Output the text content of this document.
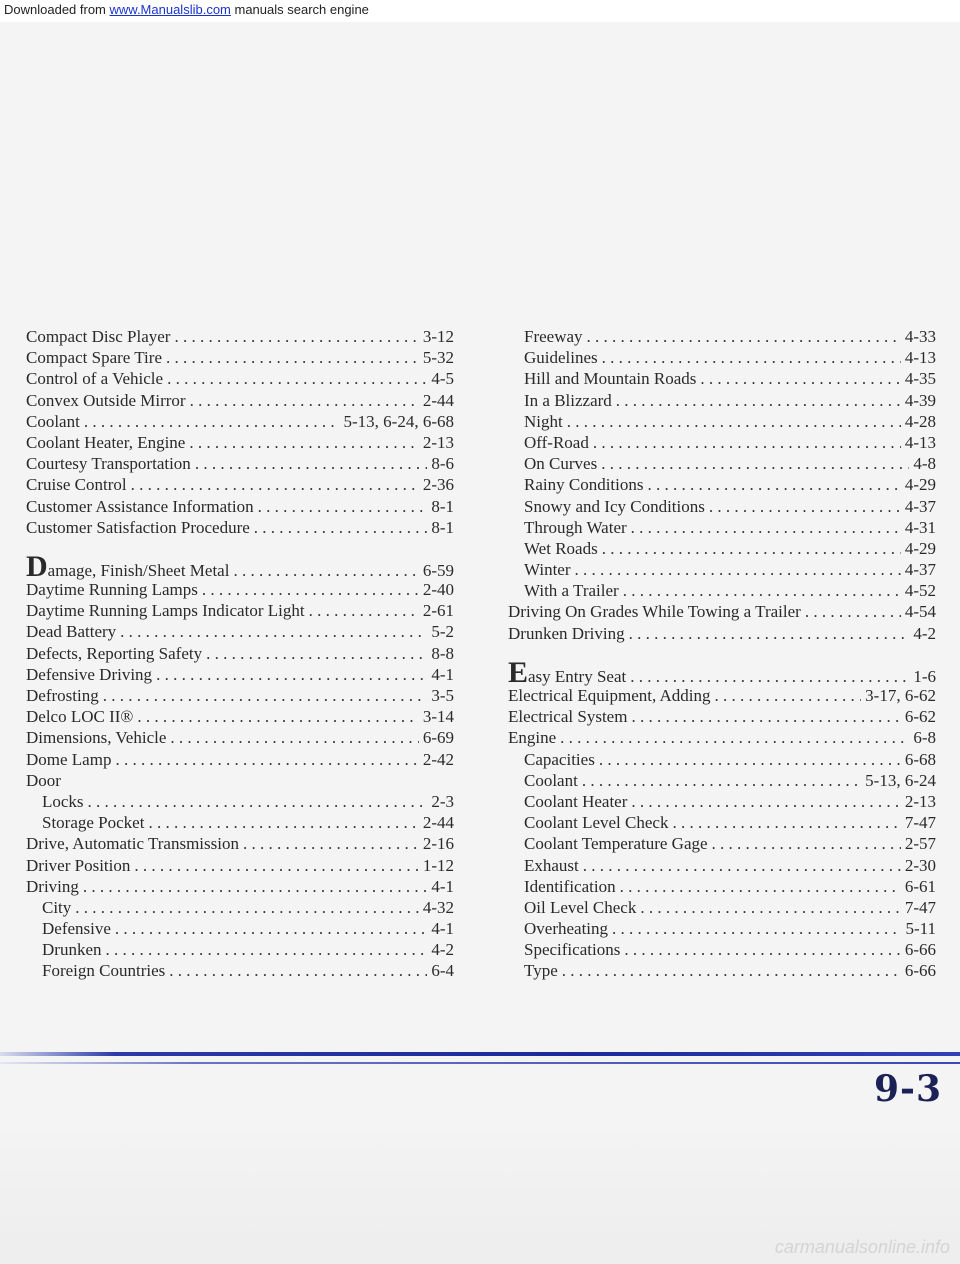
Downloaded from www.Manualslib.com manuals search engine
Compact Disc Player . . .	3-12
Compact Spare Tire . . .	5-32
Control of a Vehicle . . .	4-5
Convex Outside Mirror . . .	2-44
Coolant . . .	5-13, 6-24, 6-68
Coolant Heater, Engine . . .	2-13
Courtesy Transportation . . .	8-6
Cruise Control . . .	2-36
Customer Assistance Information . . .	8-1
Customer Satisfaction Procedure . . .	8-1
Damage, Finish/Sheet Metal . . .	6-59
Daytime Running Lamps . . .	2-40
Daytime Running Lamps Indicator Light . . .	2-61
Dead Battery . . .	5-2
Defects, Reporting Safety . . .	8-8
Defensive Driving . . .	4-1
Defrosting . . .	3-5
Delco LOC II® . . .	3-14
Dimensions, Vehicle . . .	6-69
Dome Lamp . . .	2-42
Door
Locks . . .	2-3
Storage Pocket . . .	2-44
Drive, Automatic Transmission . . .	2-16
Driver Position . . .	1-12
Driving . . .	4-1
City . . .	4-32
Defensive . . .	4-1
Drunken . . .	4-2
Foreign Countries . . .	6-4
Freeway . . .	4-33
Guidelines . . .	4-13
Hill and Mountain Roads . . .	4-35
In a Blizzard . . .	4-39
Night . . .	4-28
Off-Road . . .	4-13
On Curves . . .	4-8
Rainy Conditions . . .	4-29
Snowy and Icy Conditions . . .	4-37
Through Water . . .	4-31
Wet Roads . . .	4-29
Winter . . .	4-37
With a Trailer . . .	4-52
Driving On Grades While Towing a Trailer . . .	4-54
Drunken Driving . . .	4-2
Easy Entry Seat . . .	1-6
Electrical Equipment, Adding . . .	3-17, 6-62
Electrical System . . .	6-62
Engine . . .	6-8
Capacities . . .	6-68
Coolant . . .	5-13, 6-24
Coolant Heater . . .	2-13
Coolant Level Check . . .	7-47
Coolant Temperature Gage . . .	2-57
Exhaust . . .	2-30
Identification . . .	6-61
Oil Level Check . . .	7-47
Overheating . . .	5-11
Specifications . . .	6-66
Type . . .	6-66
9-3
carmanualsonline.info
